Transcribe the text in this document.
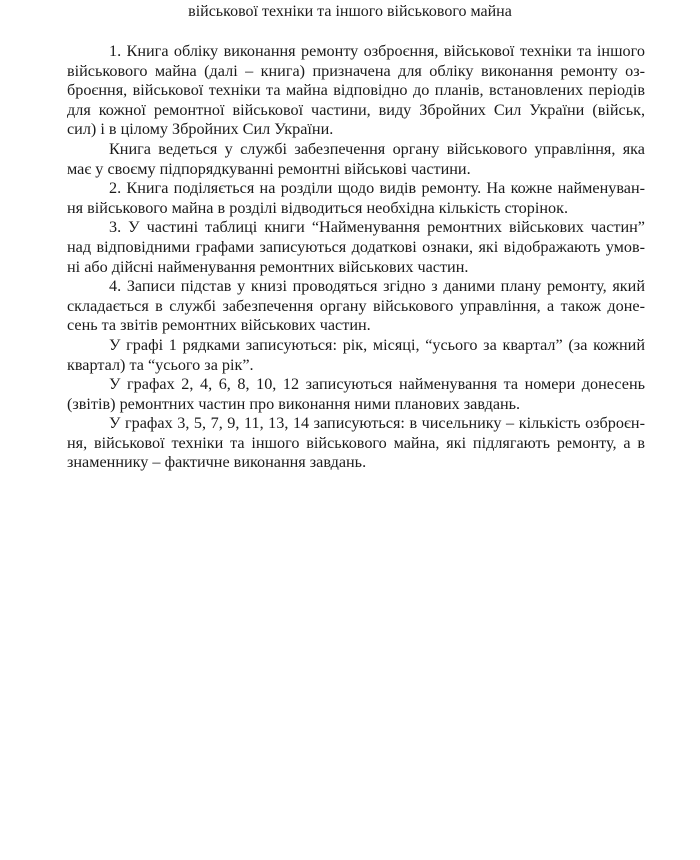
військової техніки та іншого військового майна
1. Книга обліку виконання ремонту озброєння, військової техніки та іншого
військового майна (далі – книга) призначена для обліку виконання ремонту оз-
броєння, військової техніки та майна відповідно до планів, встановлених періодів
для кожної ремонтної військової частини, виду Збройних Сил України (військ,
сил) і в цілому Збройних Сил України.
Книга ведеться у службі забезпечення органу військового управління, яка
має у своєму підпорядкуванні ремонтні військові частини.
2. Книга поділяється на розділи щодо видів ремонту. На кожне найменуван-
ня військового майна в розділі відводиться необхідна кількість сторінок.
3. У частині таблиці книги “Найменування ремонтних військових частин”
над відповідними графами записуються додаткові ознаки, які відображають умов-
ні або дійсні найменування ремонтних військових частин.
4. Записи підстав у книзі проводяться згідно з даними плану ремонту, який
складається в службі забезпечення органу військового управління, а також доне-
сень та звітів ремонтних військових частин.
У графі 1 рядками записуються: рік, місяці, “усього за квартал” (за кожний
квартал) та “усього за рік”.
У графах 2, 4, 6, 8, 10, 12 записуються найменування та номери донесень
(звітів) ремонтних частин про виконання ними планових завдань.
У графах 3, 5, 7, 9, 11, 13, 14 записуються: в чисельнику – кількість озброєн-
ня, військової техніки та іншого військового майна, які підлягають ремонту, а в
знаменнику – фактичне виконання завдань.
